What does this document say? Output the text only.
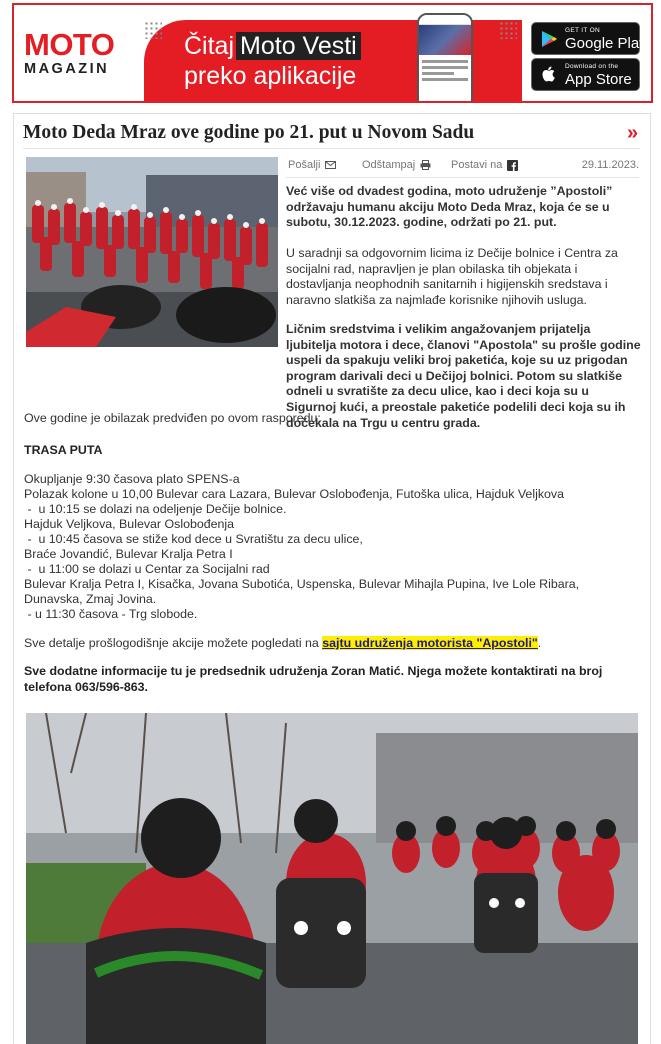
MOTO
MAGAZIN
Čitaj Moto Vesti
preko aplikacije
GET IT ON
Google Play
Download on the
App Store
Moto Deda Mraz ove godine po 21. put u Novom Sadu	»
Pošalji	Odštampaj	Postavi na	29.11.2023.

Već više od dvadest godina, moto udruženje ”Apostoli” održavaju humanu akciju Moto Deda Mraz, koja će se u subotu, 30.12.2023. godine, održati po 21. put.

U saradnji sa odgovornim licima iz Dečije bolnice i Centra za socijalni rad, napravljen je plan obilaska tih objekata i dostavljanja neophodnih sanitarnih i higijenskih sredstava i naravno slatkiša za najmlađe korisnike njihovih usluga.

Ličnim sredstvima i velikim angažovanjem prijatelja ljubitelja motora i dece, članovi "Apostola" su prošle godine uspeli da spakuju veliki broj paketića, koje su uz prigodan program darivali deci u Dečijoj bolnici. Potom su slatkiše odneli u svratište za decu ulice, kao i deci koja su u Sigurnoj kući, a preostale paketiće podelili deci koja su ih dočekala na Trgu u centru grada.

Ove godine je obilazak predviđen po ovom rasporedu:
TRASA PUTA
Okupljanje 9:30 časova plato SPENS-a
Polazak kolone u 10,00 Bulevar cara Lazara, Bulevar Oslobođenja, Futoška ulica, Hajduk Veljkova
-  u 10:15 se dolazi na odeljenje Dečije bolnice.
Hajduk Veljkova, Bulevar Oslobođenja
-  u 10:45 časova se stiže kod dece u Svratištu za decu ulice,
Braće Jovandić, Bulevar Kralja Petra I
-  u 11:00 se dolazi u Centar za Socijalni rad
Bulevar Kralja Petra I, Kisačka, Jovana Subotića, Uspenska, Bulevar Mihajla Pupina, Ive Lole Ribara,
Dunavska, Zmaj Jovina.
- u 11:30 časova - Trg slobode.
Sve detalje prošlogodišnje akcije možete pogledati na sajtu udruženja motorista "Apostoli".

Sve dodatne informacije tu je predsednik udruženja Zoran Matić. Njega možete kontaktirati na broj telefona 063/596-863.
